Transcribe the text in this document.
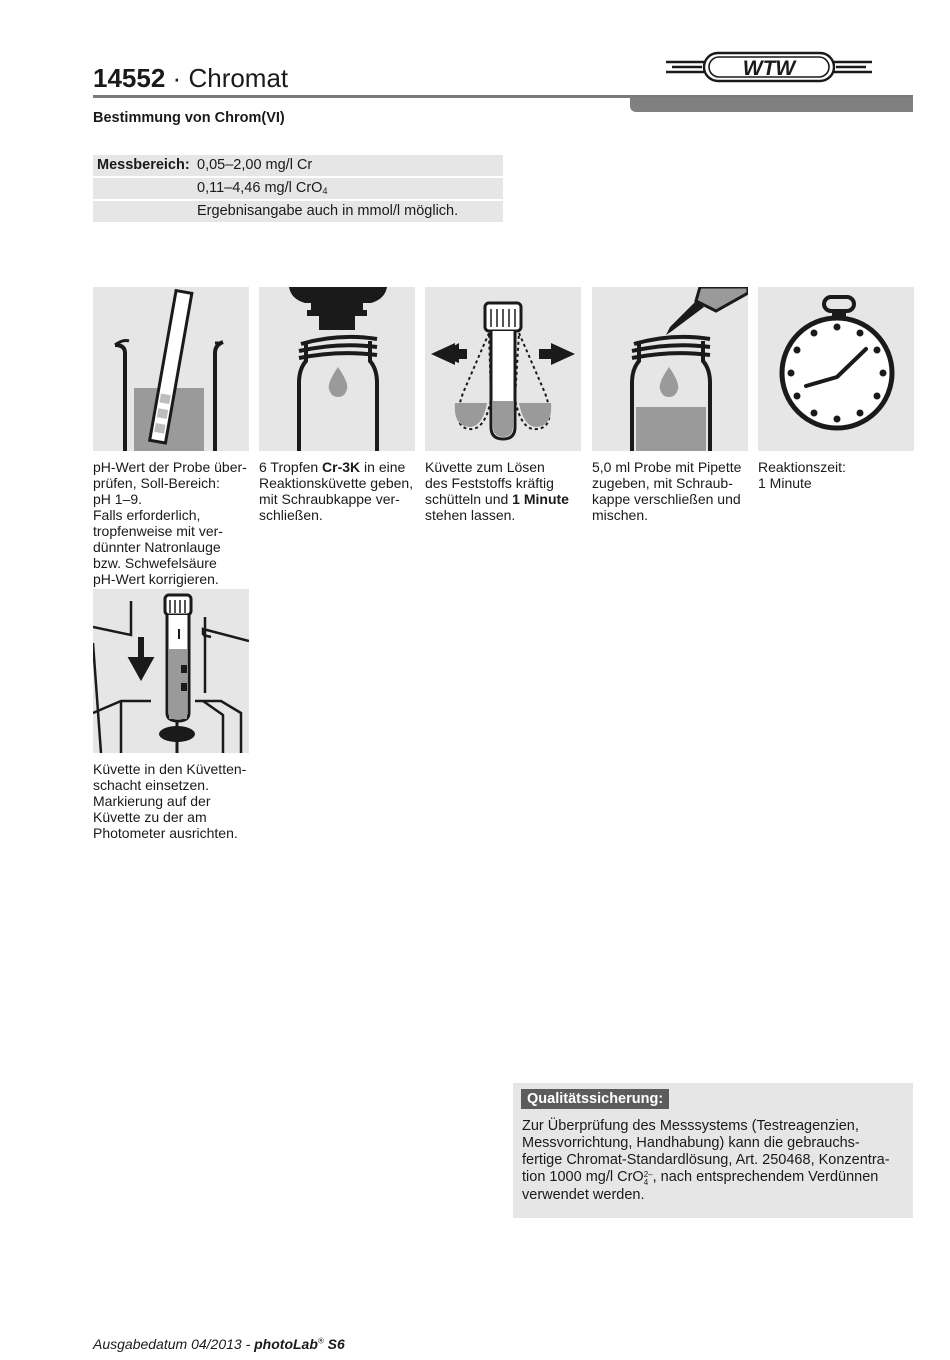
14552 · Chromat	WTW
Bestimmung von Chrom(VI)
Messbereich: 0,05–2,00 mg/l Cr
0,11–4,46 mg/l CrO$_4$
Ergebnisangabe auch in mmol/l möglich.
pH-Wert der Probe über-
prüfen, Soll-Bereich:
pH 1–9.
Falls erforderlich,
tropfenweise mit ver-
dünnter Natronlauge
bzw. Schwefelsäure
pH-Wert korrigieren.
6 Tropfen Cr-3K in eine
Reaktionsküvette geben,
mit Schraubkappe ver-
schließen.
Küvette zum Lösen
des Feststoffs kräftig
schütteln und 1 Minute
stehen lassen.
5,0 ml Probe mit Pipette
zugeben, mit Schraub-
kappe verschließen und
mischen.
Reaktionszeit:
1 Minute
Küvette in den Küvetten-
schacht einsetzen.
Markierung auf der
Küvette zu der am
Photometer ausrichten.
Qualitätssicherung:
Zur Überprüfung des Messsystems (Testreagenzien,
Messvorrichtung, Handhabung) kann die gebrauchs-
fertige Chromat-Standardlösung, Art. 250468, Konzentra-
tion 1000 mg/l CrO2–
4 , nach entsprechendem Verdünnen
verwendet werden.
Ausgabedatum 04/2013 - photoLab® S6
